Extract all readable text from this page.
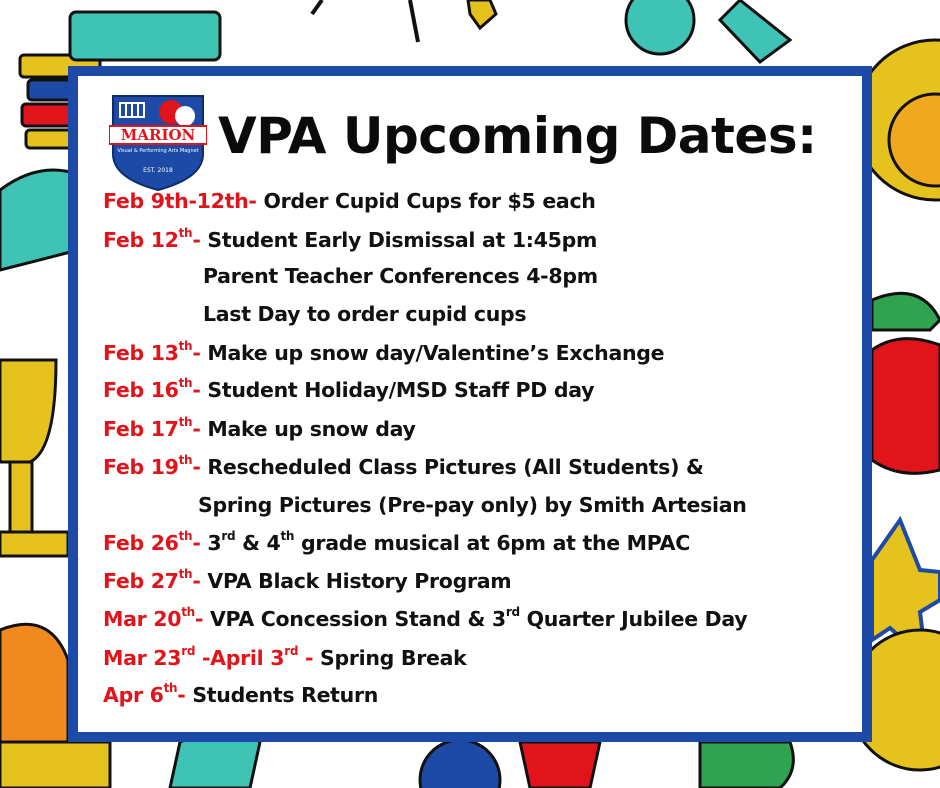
MARION
Visual & Performing Arts Magnet
EST. 2018
VPA Upcoming Dates:
Feb 9th-12th- Order Cupid Cups for $5 each
Feb 12th- Student Early Dismissal at 1:45pm
Parent Teacher Conferences 4-8pm
Last Day to order cupid cups
Feb 13th- Make up snow day/Valentine’s Exchange
Feb 16th- Student Holiday/MSD Staff PD day
Feb 17th- Make up snow day
Feb 19th- Rescheduled Class Pictures (All Students) &
Spring Pictures (Pre-pay only) by Smith Artesian
Feb 26th- 3rd & 4th grade musical at 6pm at the MPAC
Feb 27th- VPA Black History Program
Mar 20th- VPA Concession Stand & 3rd Quarter Jubilee Day
Mar 23rd -April 3rd - Spring Break
Apr 6th- Students Return
